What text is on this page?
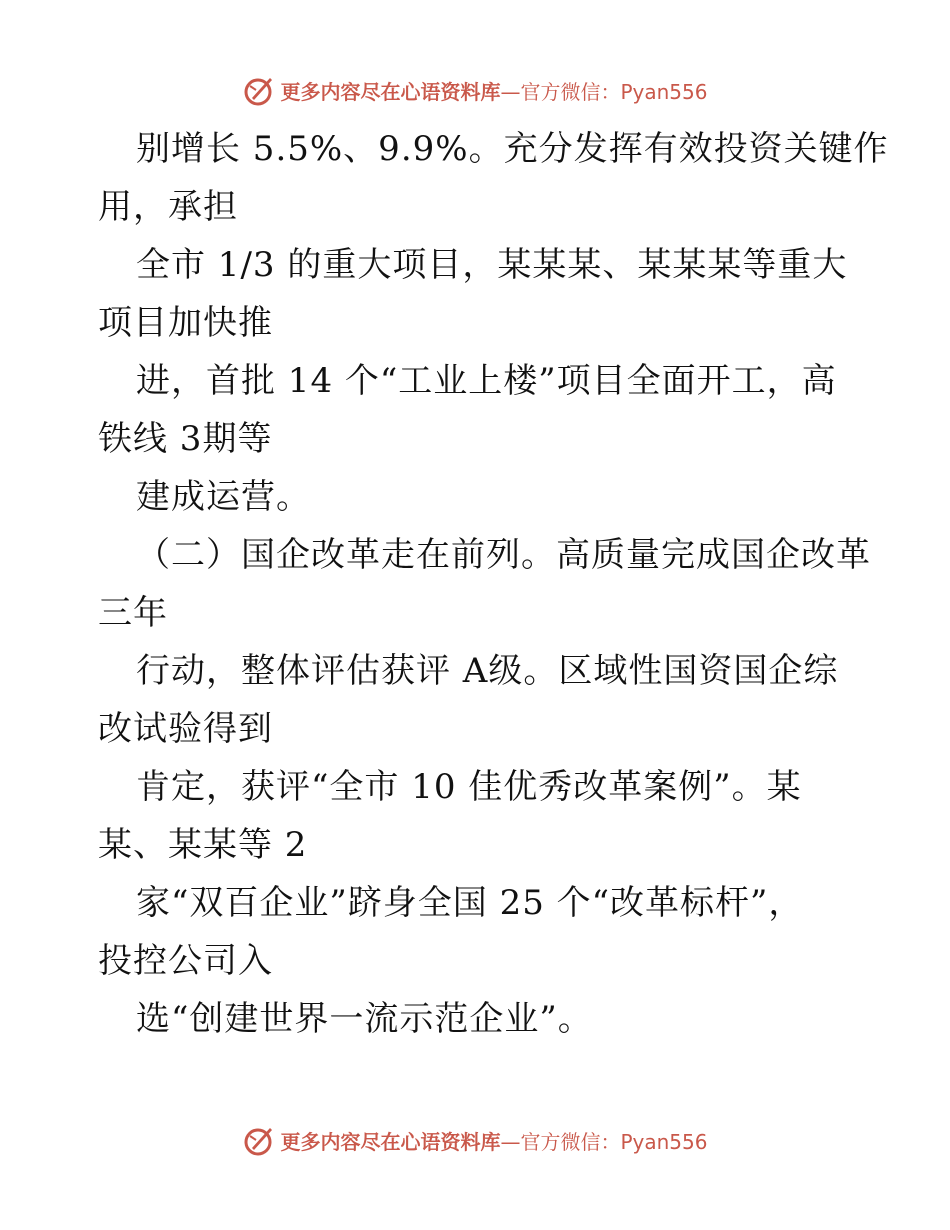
更多内容尽在心语资料库—官方微信：Pyan556
别增长 5.5%、9.9%。充分发挥有效投资关键作
用，承担
全市 1/3 的重大项目，某某某、某某某等重大
项目加快推
进，首批 14 个“工业上楼”项目全面开工，高
铁线 3期等
建成运营。
（二）国企改革走在前列。高质量完成国企改革
三年
行动，整体评估获评 A级。区域性国资国企综
改试验得到
肯定，获评“全市 10 佳优秀改革案例”。某
某、某某等 2
家“双百企业”跻身全国 25 个“改革标杆”，
投控公司入
选“创建世界一流示范企业”。
更多内容尽在心语资料库—官方微信：Pyan556
